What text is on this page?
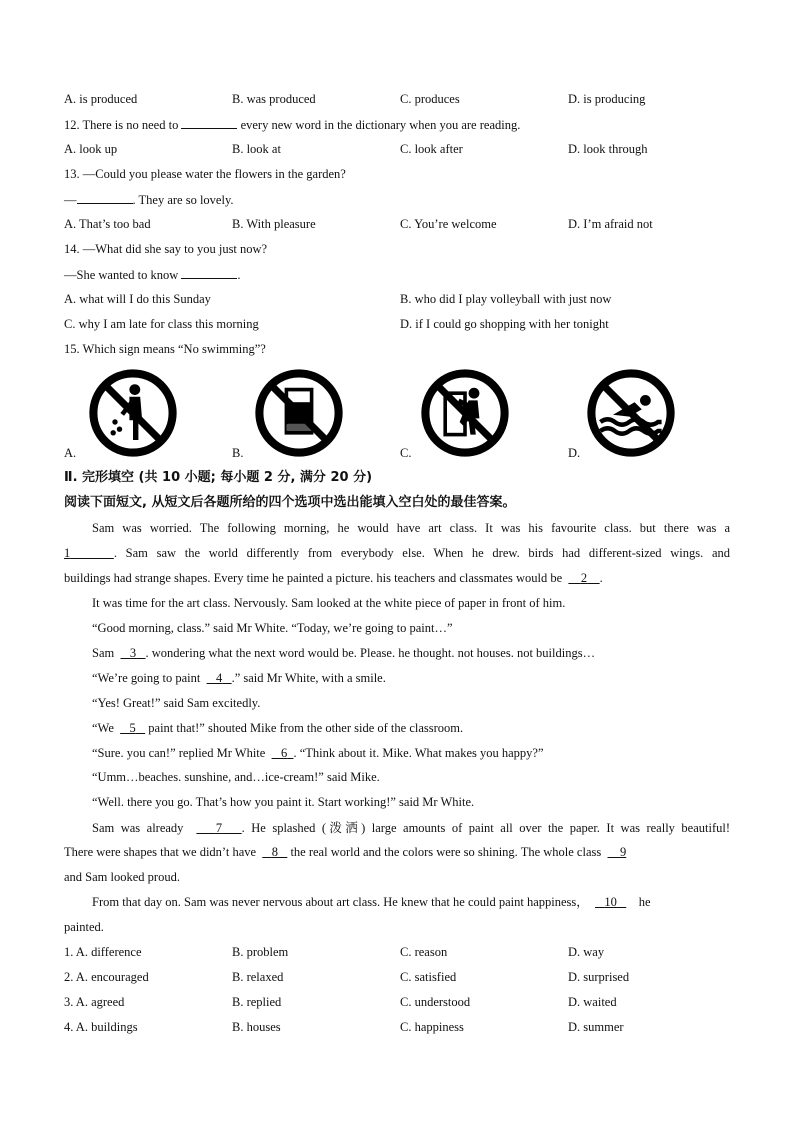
A. is produced	B. was produced	C. produces	D. is producing
12. There is no need to	every new word in the dictionary when you are reading.
A. look up	B. look at	C. look after	D. look through
13. —Could you please water the flowers in the garden?
—	. They are so lovely.
A. That’s too bad	B. With pleasure	C. You’re welcome	D. I’m afraid not
14. —What did she say to you just now?
—She wanted to know	.
A. what will I do this Sunday	B. who did I play volleyball with just now
C. why I am late for class this morning	D. if I could go shopping with her tonight
15. Which sign means “No swimming”?
A.	B.	C.	D.
Ⅱ. 完形填空 (共 10 小题; 每小题 2 分, 满分 20 分)
阅读下面短文, 从短文后各题所给的四个选项中选出能填入空白处的最佳答案。
Sam was worried. The following morning, he would have art class. It was his favourite class. but there was a
1	. Sam saw the world differently from everybody else. When he drew. birds had different-sized wings. and
buildings had strange shapes. Every time he painted a picture. his teachers and classmates would be 2 .
It was time for the art class. Nervously. Sam looked at the white piece of paper in front of him.
“Good morning, class.” said Mr White. “Today, we’re going to paint…”
Sam 3 . wondering what the next word would be. Please. he thought. not houses. not buildings…
“We’re going to paint 4 .” said Mr White, with a smile.
“Yes! Great!” said Sam excitedly.
“We 5    paint that!” shouted Mike from the other side of the classroom.
“Sure. you can!” replied Mr White 6 . “Think about it. Mike. What makes you happy?”
“Umm…beaches. sunshine, and…ice-cream!” said Mike.
“Well. there you go. That’s how you paint it. Start working!” said Mr White.
Sam was already	7 . He splashed (泼洒) large amounts of paint all over the paper. It was really beautiful!
There were shapes that we didn’t have 8    the real world and the colors were so shining. The whole class 9
and Sam looked proud.
From that day on. Sam was never nervous about art class. He knew that he could paint happiness， 10       he
painted.
1. A. difference	B. problem	C. reason	D. way
2. A. encouraged	B. relaxed	C. satisfied	D. surprised
3. A. agreed	B. replied	C. understood	D. waited
4. A. buildings	B. houses	C. happiness	D. summer
